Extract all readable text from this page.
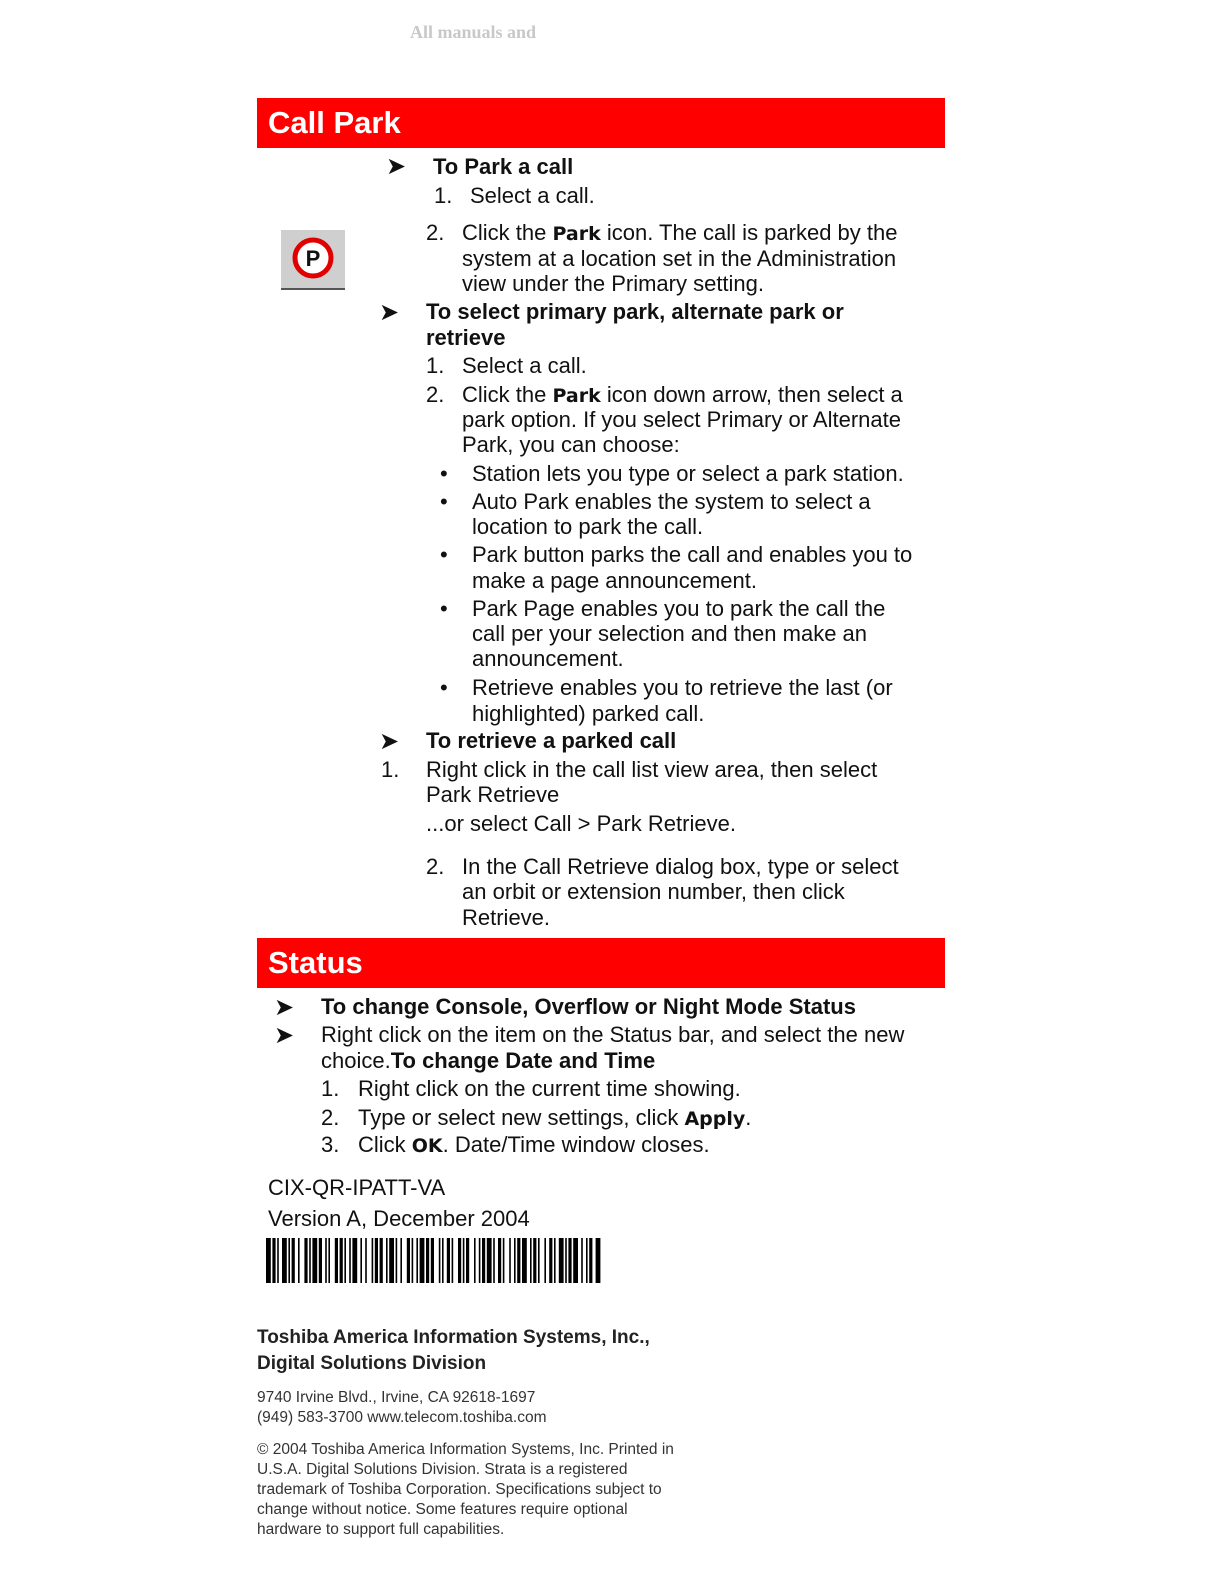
All manuals and
Call Park
P
➤ To Park a call
1. Select a call.
2. Click the Park icon. The call is parked by the
system at a location set in the Administration
view under the Primary setting.
➤ To select primary park, alternate park or
retrieve
1. Select a call.
2. Click the Park icon down arrow, then select a
park option. If you select Primary or Alternate
Park, you can choose:
• Station lets you type or select a park station.
• Auto Park enables the system to select a
location to park the call.
• Park button parks the call and enables you to
make a page announcement.
• Park Page enables you to park the call the
call per your selection and then make an
announcement.
• Retrieve enables you to retrieve the last (or
highlighted) parked call.
➤ To retrieve a parked call
1. Right click in the call list view area, then select
Park Retrieve
...or select Call > Park Retrieve.
2. In the Call Retrieve dialog box, type or select
an orbit or extension number, then click
Retrieve.
Status
➤ To change Console, Overflow or Night Mode Status
➤ Right click on the item on the Status bar, and select the new
choice.To change Date and Time
1. Right click on the current time showing.
2. Type or select new settings, click Apply.
3. Click OK. Date/Time window closes.
CIX-QR-IPATT-VA
Version A, December 2004
Toshiba America Information Systems, Inc.,
Digital Solutions Division
9740 Irvine Blvd., Irvine, CA 92618-1697
(949) 583-3700 www.telecom.toshiba.com
© 2004 Toshiba America Information Systems, Inc. Printed in
U.S.A. Digital Solutions Division. Strata is a registered
trademark of Toshiba Corporation. Specifications subject to
change without notice. Some features require optional
hardware to support full capabilities.
